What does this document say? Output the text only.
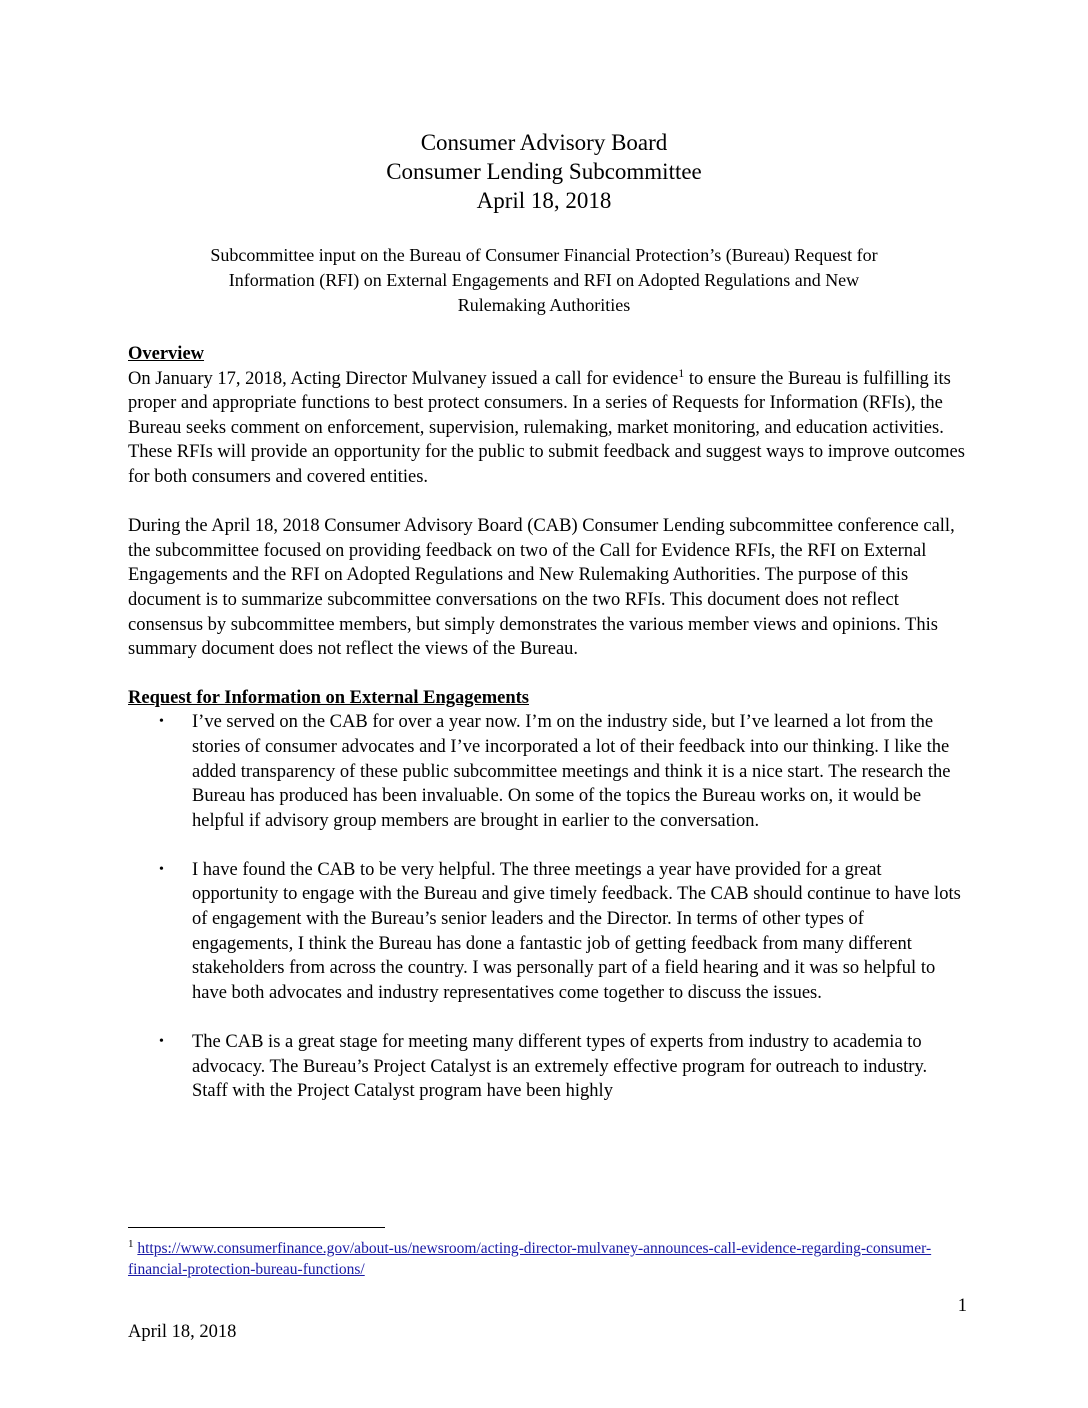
Consumer Advisory Board
Consumer Lending Subcommittee
April 18, 2018
Subcommittee input on the Bureau of Consumer Financial Protection’s (Bureau) Request for
Information (RFI) on External Engagements and RFI on Adopted Regulations and New
Rulemaking Authorities

Overview

On January 17, 2018, Acting Director Mulvaney issued a call for evidence$^1$ to ensure the Bureau is fulfilling its proper and appropriate functions to best protect consumers. In a series of Requests for Information (RFIs), the Bureau seeks comment on enforcement, supervision, rulemaking, market monitoring, and education activities. These RFIs will provide an opportunity for the public to submit feedback and suggest ways to improve outcomes for both consumers and covered entities.

During the April 18, 2018 Consumer Advisory Board (CAB) Consumer Lending subcommittee conference call, the subcommittee focused on providing feedback on two of the Call for Evidence RFIs, the RFI on External Engagements and the RFI on Adopted Regulations and New Rulemaking Authorities. The purpose of this document is to summarize subcommittee conversations on the two RFIs. This document does not reflect consensus by subcommittee members, but simply demonstrates the various member views and opinions. This summary document does not reflect the views of the Bureau.

Request for Information on External Engagements

• I’ve served on the CAB for over a year now. I’m on the industry side, but I’ve learned a lot from the stories of consumer advocates and I’ve incorporated a lot of their feedback into our thinking. I like the added transparency of these public subcommittee meetings and think it is a nice start. The research the Bureau has produced has been invaluable. On some of the topics the Bureau works on, it would be helpful if advisory group members are brought in earlier to the conversation.
• I have found the CAB to be very helpful. The three meetings a year have provided for a great opportunity to engage with the Bureau and give timely feedback. The CAB should continue to have lots of engagement with the Bureau’s senior leaders and the Director. In terms of other types of engagements, I think the Bureau has done a fantastic job of getting feedback from many different stakeholders from across the country. I was personally part of a field hearing and it was so helpful to have both advocates and industry representatives come together to discuss the issues.
• The CAB is a great stage for meeting many different types of experts from industry to academia to advocacy. The Bureau’s Project Catalyst is an extremely effective program for outreach to industry. Staff with the Project Catalyst program have been highly
$^1$ https://www.consumerfinance.gov/about-us/newsroom/acting-director-mulvaney-announces-call-evidence-regarding-consumer-financial-protection-bureau-functions/
1
April 18, 2018
